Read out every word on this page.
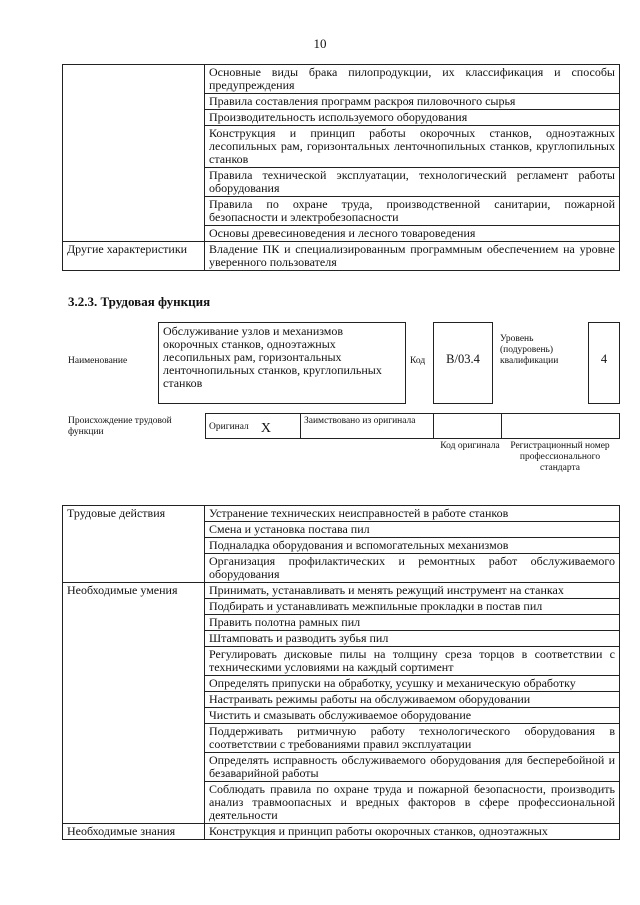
10
	Основные виды брака пилопродукции, их классификация и способы предупреждения
	Правила составления программ раскроя пиловочного сырья
	Производительность используемого оборудования
	Конструкция и принцип работы окорочных станков, одноэтажных лесопильных рам, горизонтальных ленточнопильных станков, круглопильных станков
	Правила технической эксплуатации, технологический регламент работы оборудования
	Правила по охране труда, производственной санитарии, пожарной безопасности и электробезопасности
	Основы древесиноведения и лесного товароведения
Другие характеристики	Владение ПК и специализированным программным обеспечением на уровне уверенного пользователя
3.2.3. Трудовая функция
Наименование
Обслуживание узлов и механизмов окорочных станков, одноэтажных лесопильных рам, горизонтальных ленточнопильных станков, круглопильных станков
Код	В/03.4
Уровень (подуровень) квалификации	4
Происхождение трудовой функции	Оригинал X	Заимствовано из оригинала
Код оригинала Регистрационный номер профессионального стандарта
Трудовые действия	Устранение технических неисправностей в работе станков
	Смена и установка постава пил
	Подналадка оборудования и вспомогательных механизмов
	Организация профилактических и ремонтных работ обслуживаемого оборудования
Необходимые умения	Принимать, устанавливать и менять режущий инструмент на станках
	Подбирать и устанавливать межпильные прокладки в постав пил
	Править полотна рамных пил
	Штамповать и разводить зубья пил
	Регулировать дисковые пилы на толщину среза торцов в соответствии с техническими условиями на каждый сортимент
	Определять припуски на обработку, усушку и механическую обработку
	Настраивать режимы работы на обслуживаемом оборудовании
	Чистить и смазывать обслуживаемое оборудование
	Поддерживать ритмичную работу технологического оборудования в соответствии с требованиями правил эксплуатации
	Определять исправность обслуживаемого оборудования для бесперебойной и безаварийной работы
	Соблюдать правила по охране труда и пожарной безопасности, производить анализ травмоопасных и вредных факторов в сфере профессиональной деятельности
Необходимые знания	Конструкция и принцип работы окорочных станков, одноэтажных
